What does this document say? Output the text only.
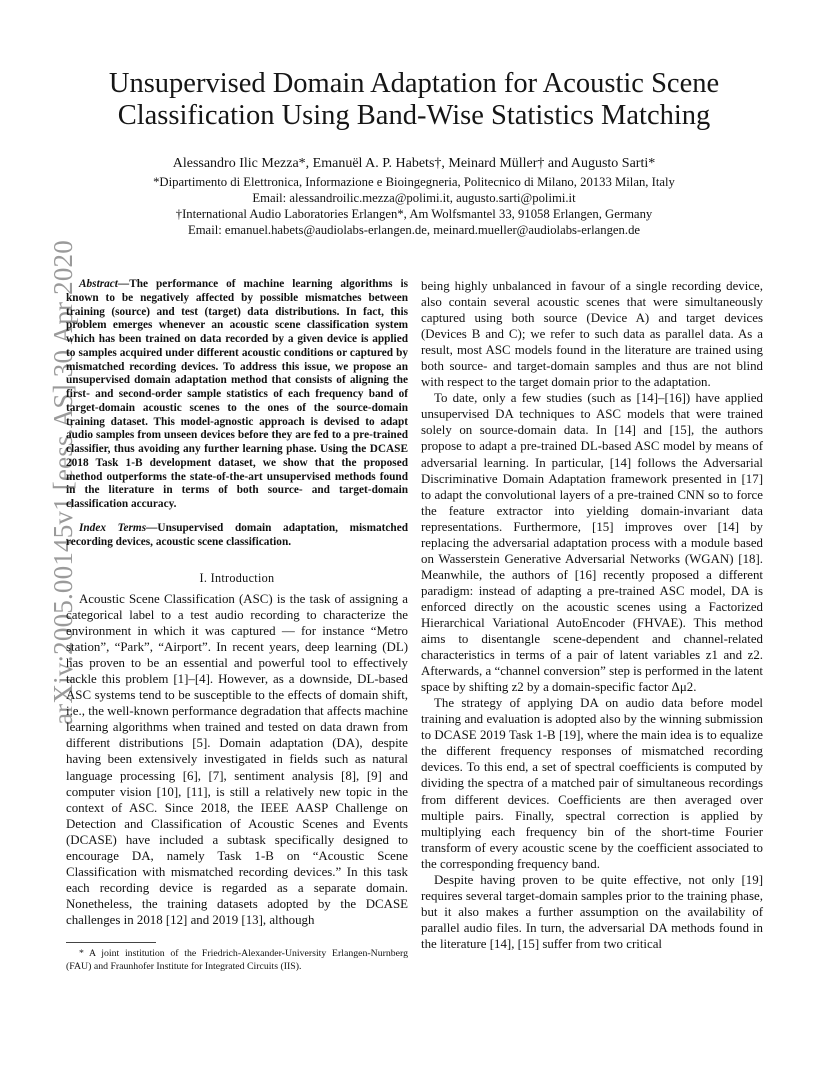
arXiv:2005.00145v1 [eess.AS] 30 Apr 2020
Unsupervised Domain Adaptation for Acoustic Scene Classification Using Band-Wise Statistics Matching
Alessandro Ilic Mezza*, Emanuël A. P. Habets†, Meinard Müller† and Augusto Sarti*
*Dipartimento di Elettronica, Informazione e Bioingegneria, Politecnico di Milano, 20133 Milan, Italy
Email: alessandroilic.mezza@polimi.it, augusto.sarti@polimi.it
†International Audio Laboratories Erlangen*, Am Wolfsmantel 33, 91058 Erlangen, Germany
Email: emanuel.habets@audiolabs-erlangen.de, meinard.mueller@audiolabs-erlangen.de
Abstract—The performance of machine learning algorithms is known to be negatively affected by possible mismatches between training (source) and test (target) data distributions. In fact, this problem emerges whenever an acoustic scene classification system which has been trained on data recorded by a given device is applied to samples acquired under different acoustic conditions or captured by mismatched recording devices. To address this issue, we propose an unsupervised domain adaptation method that consists of aligning the first- and second-order sample statistics of each frequency band of target-domain acoustic scenes to the ones of the source-domain training dataset. This model-agnostic approach is devised to adapt audio samples from unseen devices before they are fed to a pre-trained classifier, thus avoiding any further learning phase. Using the DCASE 2018 Task 1-B development dataset, we show that the proposed method outperforms the state-of-the-art unsupervised methods found in the literature in terms of both source- and target-domain classification accuracy.
Index Terms—Unsupervised domain adaptation, mismatched recording devices, acoustic scene classification.
I. Introduction

Acoustic Scene Classification (ASC) is the task of assigning a categorical label to a test audio recording to characterize the environment in which it was captured — for instance “Metro station”, “Park”, “Airport”. In recent years, deep learning (DL) has proven to be an essential and powerful tool to effectively tackle this problem [1]–[4]. However, as a downside, DL-based ASC systems tend to be susceptible to the effects of domain shift, i.e., the well-known performance degradation that affects machine learning algorithms when trained and tested on data drawn from different distributions [5]. Domain adaptation (DA), despite having been extensively investigated in fields such as natural language processing [6], [7], sentiment analysis [8], [9] and computer vision [10], [11], is still a relatively new topic in the context of ASC. Since 2018, the IEEE AASP Challenge on Detection and Classification of Acoustic Scenes and Events (DCASE) have included a subtask specifically designed to encourage DA, namely Task 1-B on “Acoustic Scene Classification with mismatched recording devices.” In this task each recording device is regarded as a separate domain. Nonetheless, the training datasets adopted by the DCASE challenges in 2018 [12] and 2019 [13], although

* A joint institution of the Friedrich-Alexander-University Erlangen-Nurnberg (FAU) and Fraunhofer Institute for Integrated Circuits (IIS).

being highly unbalanced in favour of a single recording device, also contain several acoustic scenes that were simultaneously captured using both source (Device A) and target devices (Devices B and C); we refer to such data as parallel data. As a result, most ASC models found in the literature are trained using both source- and target-domain samples and thus are not blind with respect to the target domain prior to the adaptation.

To date, only a few studies (such as [14]–[16]) have applied unsupervised DA techniques to ASC models that were trained solely on source-domain data. In [14] and [15], the authors propose to adapt a pre-trained DL-based ASC model by means of adversarial learning. In particular, [14] follows the Adversarial Discriminative Domain Adaptation framework presented in [17] to adapt the convolutional layers of a pre-trained CNN so to force the feature extractor into yielding domain-invariant data representations. Furthermore, [15] improves over [14] by replacing the adversarial adaptation process with a module based on Wasserstein Generative Adversarial Networks (WGAN) [18]. Meanwhile, the authors of [16] recently proposed a different paradigm: instead of adapting a pre-trained ASC model, DA is enforced directly on the acoustic scenes using a Factorized Hierarchical Variational AutoEncoder (FHVAE). This method aims to disentangle scene-dependent and channel-related characteristics in terms of a pair of latent variables z1 and z2. Afterwards, a “channel conversion” step is performed in the latent space by shifting z2 by a domain-specific factor Δμ2.

The strategy of applying DA on audio data before model training and evaluation is adopted also by the winning submission to DCASE 2019 Task 1-B [19], where the main idea is to equalize the different frequency responses of mismatched recording devices. To this end, a set of spectral coefficients is computed by dividing the spectra of a matched pair of simultaneous recordings from different devices. Coefficients are then averaged over multiple pairs. Finally, spectral correction is applied by multiplying each frequency bin of the short-time Fourier transform of every acoustic scene by the coefficient associated to the corresponding frequency band.

Despite having proven to be quite effective, not only [19] requires several target-domain samples prior to the training phase, but it also makes a further assumption on the availability of parallel audio files. In turn, the adversarial DA methods found in the literature [14], [15] suffer from two critical
